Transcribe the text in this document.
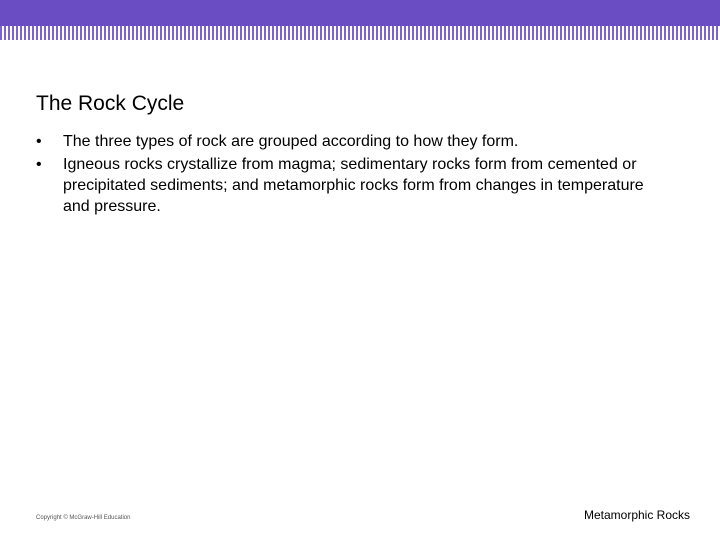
The Rock Cycle
• The three types of rock are grouped according to how they form.
• Igneous rocks crystallize from magma; sedimentary rocks form from cemented or precipitated sediments; and metamorphic rocks form from changes in temperature and pressure.
Copyright © McGraw-Hill Education	Metamorphic Rocks
